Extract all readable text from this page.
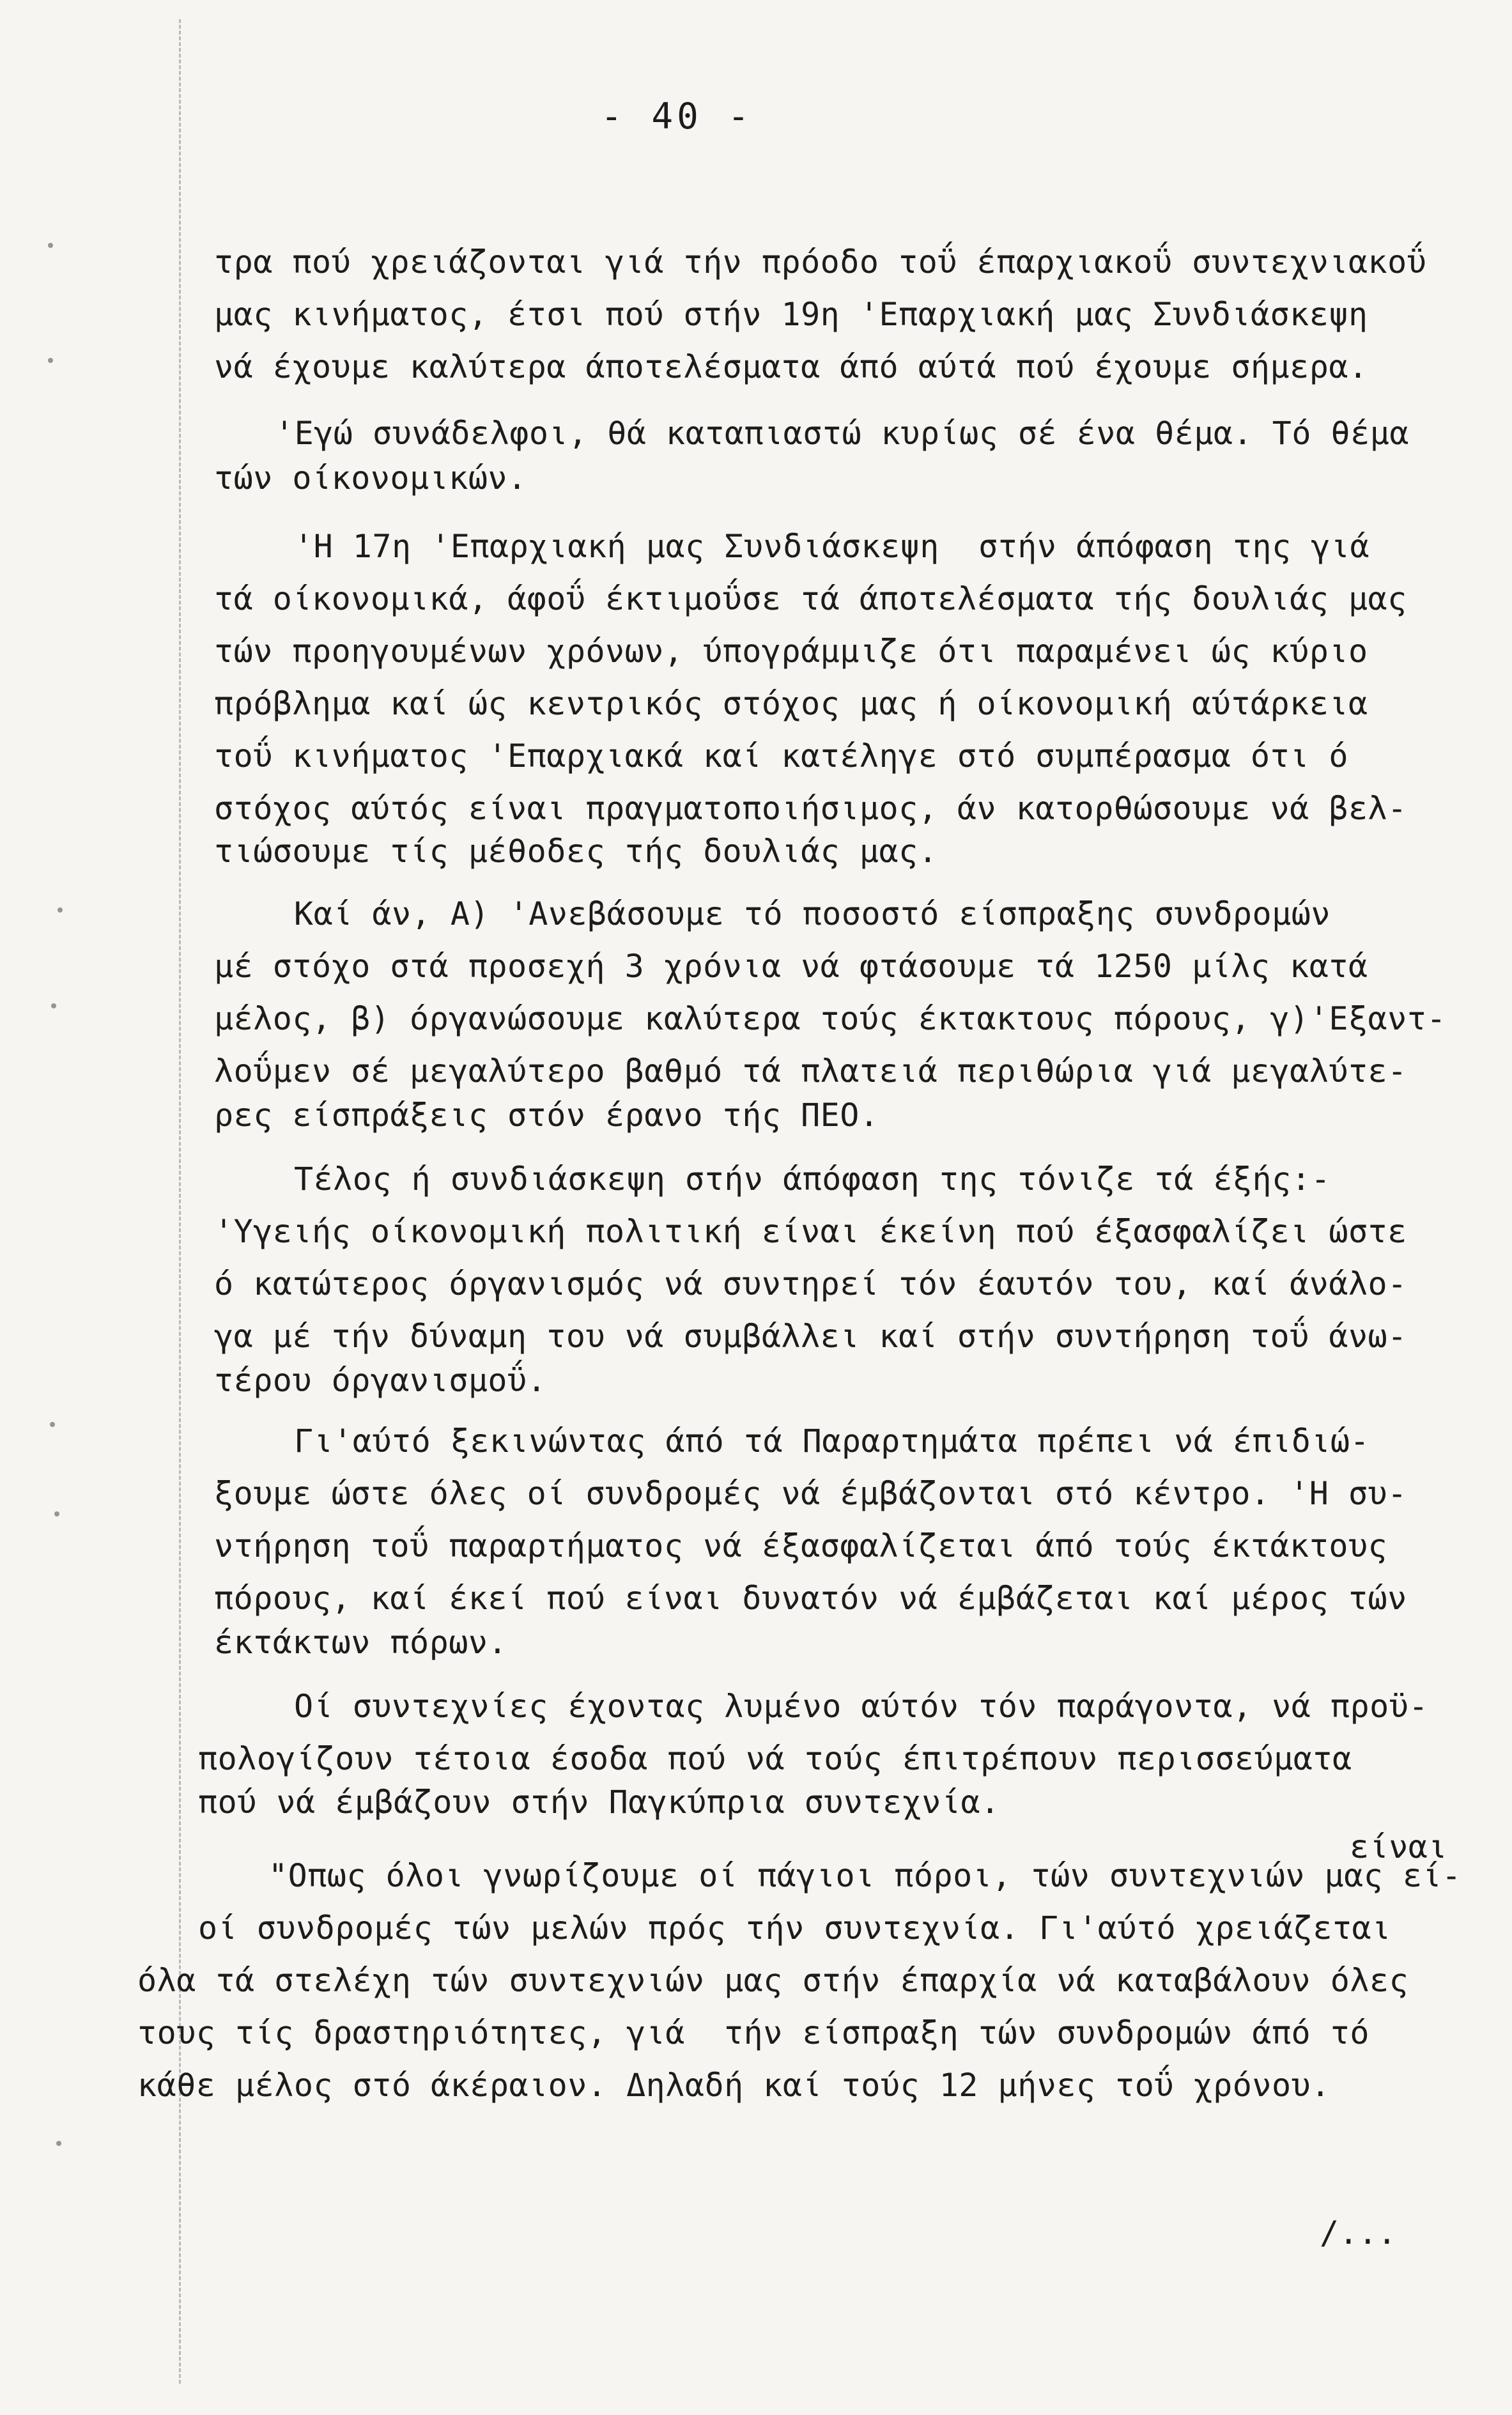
- 40 -
τρα πού χρειάζονται γιά τήν πρόοδο τοΰ έπαρχιακοΰ συντεχνιακοΰ
μας κινήματος, έτσι πού στήν 19η 'Επαρχιακή μας Συνδιάσκεψη
νά έχουμε καλύτερα άποτελέσματα άπό αύτά πού έχουμε σήμερα.
'Εγώ συνάδελφοι, θά καταπιαστώ κυρίως σέ ένα θέμα. Τό θέμα
τών οίκονομικών.
'Η 17η 'Επαρχιακή μας Συνδιάσκεψη  στήν άπόφαση της γιά
τά οίκονομικά, άφοΰ έκτιμοΰσε τά άποτελέσματα τής δουλιάς μας
τών προηγουμένων χρόνων, ύπογράμμιζε ότι παραμένει ώς κύριο
πρόβλημα καί ώς κεντρικός στόχος μας ή οίκονομική αύτάρκεια
τοΰ κινήματος 'Επαρχιακά καί κατέληγε στό συμπέρασμα ότι ό
στόχος αύτός είναι πραγματοποιήσιμος, άν κατορθώσουμε νά βελ-
τιώσουμε τίς μέθοδες τής δουλιάς μας.
Καί άν, Α) 'Ανεβάσουμε τό ποσοστό είσπραξης συνδρομών
μέ στόχο στά προσεχή 3 χρόνια νά φτάσουμε τά 1250 μίλς κατά
μέλος, β) όργανώσουμε καλύτερα τούς έκτακτους πόρους, γ)'Εξαντ-
λοΰμεν σέ μεγαλύτερο βαθμό τά πλατειά περιθώρια γιά μεγαλύτε-
ρες είσπράξεις στόν έρανο τής ΠΕΟ.
Τέλος ή συνδιάσκεψη στήν άπόφαση της τόνιζε τά έξής:-
'Υγειής οίκονομική πολιτική είναι έκείνη πού έξασφαλίζει ώστε
ό κατώτερος όργανισμός νά συντηρεί τόν έαυτόν του, καί άνάλο-
γα μέ τήν δύναμη του νά συμβάλλει καί στήν συντήρηση τοΰ άνω-
τέρου όργανισμοΰ.
Γι'αύτό ξεκινώντας άπό τά Παραρτημάτα πρέπει νά έπιδιώ-
ξουμε ώστε όλες οί συνδρομές νά έμβάζονται στό κέντρο. 'Η συ-
ντήρηση τοΰ παραρτήματος νά έξασφαλίζεται άπό τούς έκτάκτους
πόρους, καί έκεί πού είναι δυνατόν νά έμβάζεται καί μέρος τών
έκτάκτων πόρων.
Οί συντεχνίες έχοντας λυμένο αύτόν τόν παράγοντα, νά προϋ-
πολογίζουν τέτοια έσοδα πού νά τούς έπιτρέπουν περισσεύματα
πού νά έμβάζουν στήν Παγκύπρια συντεχνία.
είναι
"Οπως όλοι γνωρίζουμε οί πάγιοι πόροι, τών συντεχνιών μας εί-
οί συνδρομές τών μελών πρός τήν συντεχνία. Γι'αύτό χρειάζεται
όλα τά στελέχη τών συντεχνιών μας στήν έπαρχία νά καταβάλουν όλες
τους τίς δραστηριότητες, γιά  τήν είσπραξη τών συνδρομών άπό τό
κάθε μέλος στό άκέραιον. Δηλαδή καί τούς 12 μήνες τοΰ χρόνου.
/...
